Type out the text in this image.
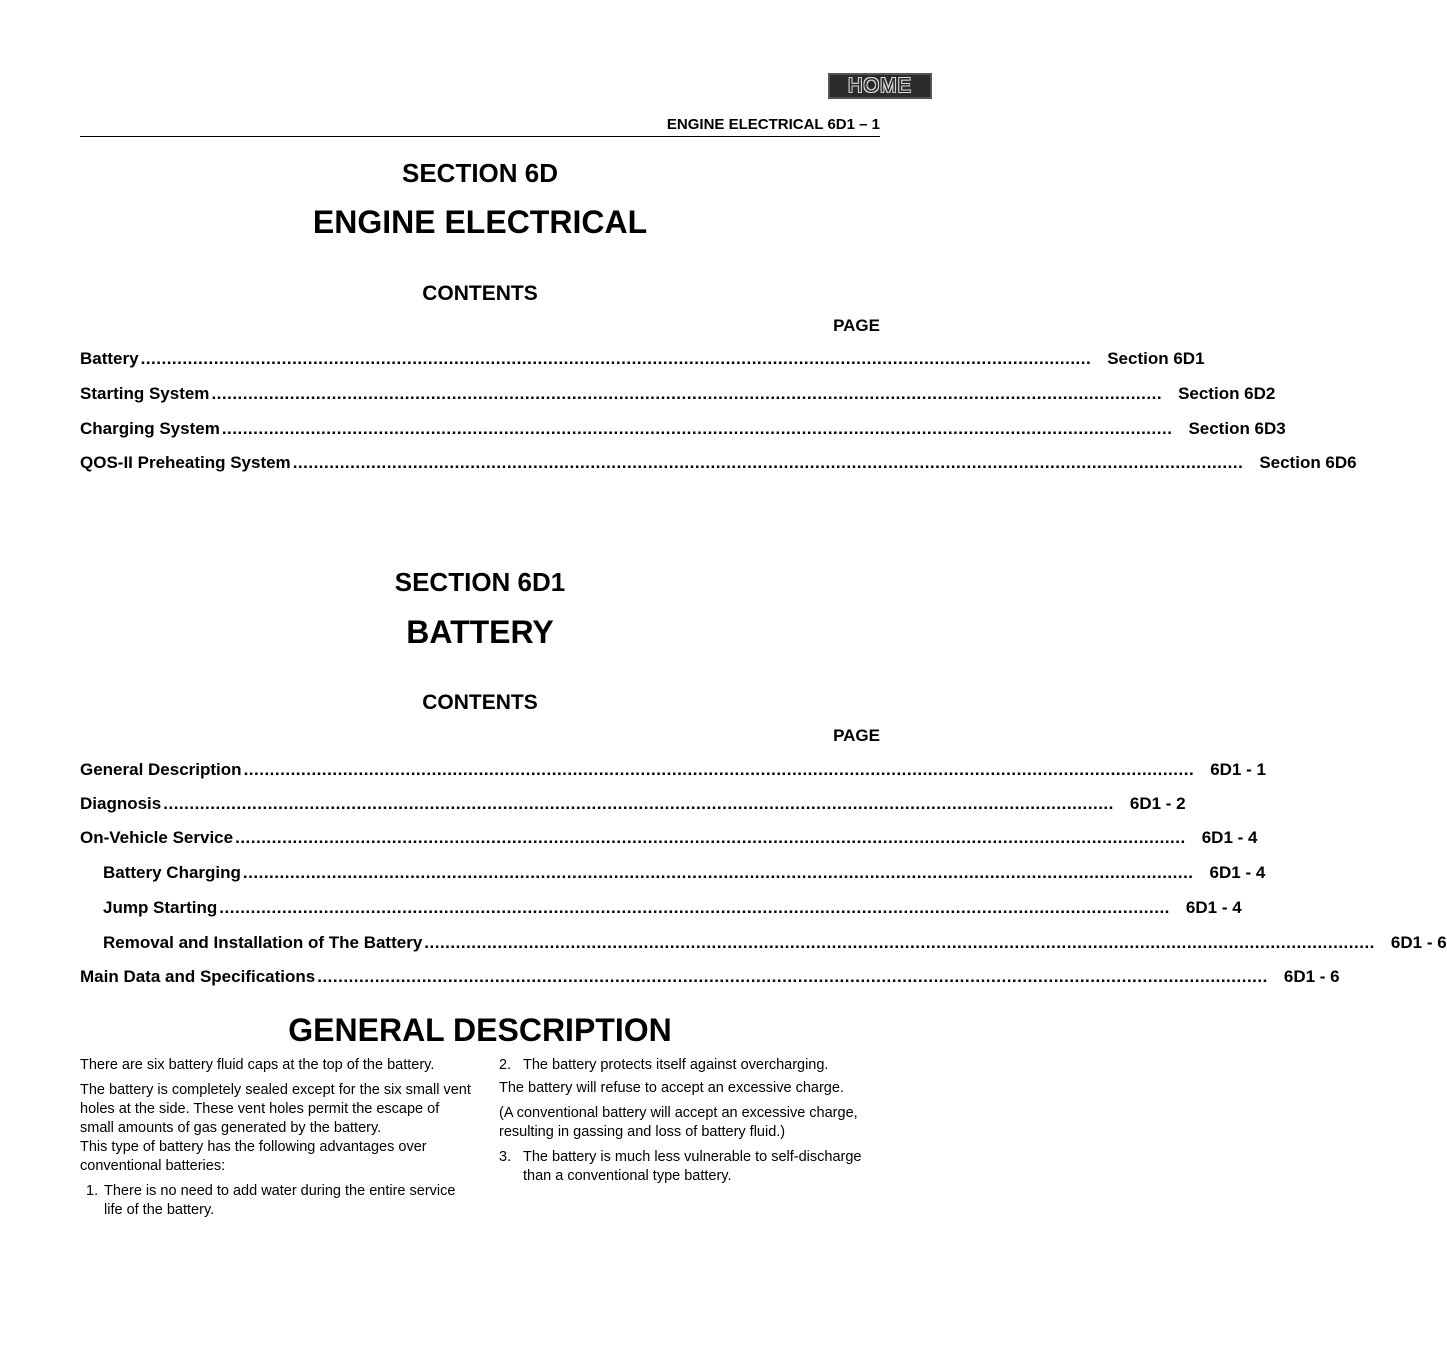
HOME
ENGINE ELECTRICAL 6D1 – 1
SECTION 6D
ENGINE ELECTRICAL
CONTENTS
PAGE
Battery ...................................................................................................................................................................................... Section 6D1
Starting System ...................................................................................................................................................................................... Section 6D2
Charging System ...................................................................................................................................................................................... Section 6D3
QOS-II Preheating System ...................................................................................................................................................................................... Section 6D6
SECTION 6D1
BATTERY
CONTENTS
PAGE
General Description ...................................................................................................................................................................................... 6D1 - 1
Diagnosis ...................................................................................................................................................................................... 6D1 - 2
On-Vehicle Service ...................................................................................................................................................................................... 6D1 - 4
Battery Charging ...................................................................................................................................................................................... 6D1 - 4
Jump Starting ...................................................................................................................................................................................... 6D1 - 4
Removal and Installation of The Battery ...................................................................................................................................................................................... 6D1 - 6
Main Data and Specifications ...................................................................................................................................................................................... 6D1 - 6
GENERAL DESCRIPTION

There are six battery fluid caps at the top of the battery.

The battery is completely sealed except for the six small vent holes at the side. These vent holes permit the escape of small amounts of gas generated by the battery.

This type of battery has the following advantages over conventional batteries:

1. There is no need to add water during the entire service life of the battery.
2. The battery protects itself against overcharging.

The battery will refuse to accept an excessive charge.

(A conventional battery will accept an excessive charge, resulting in gassing and loss of battery fluid.)

3. The battery is much less vulnerable to self-discharge than a conventional type battery.
